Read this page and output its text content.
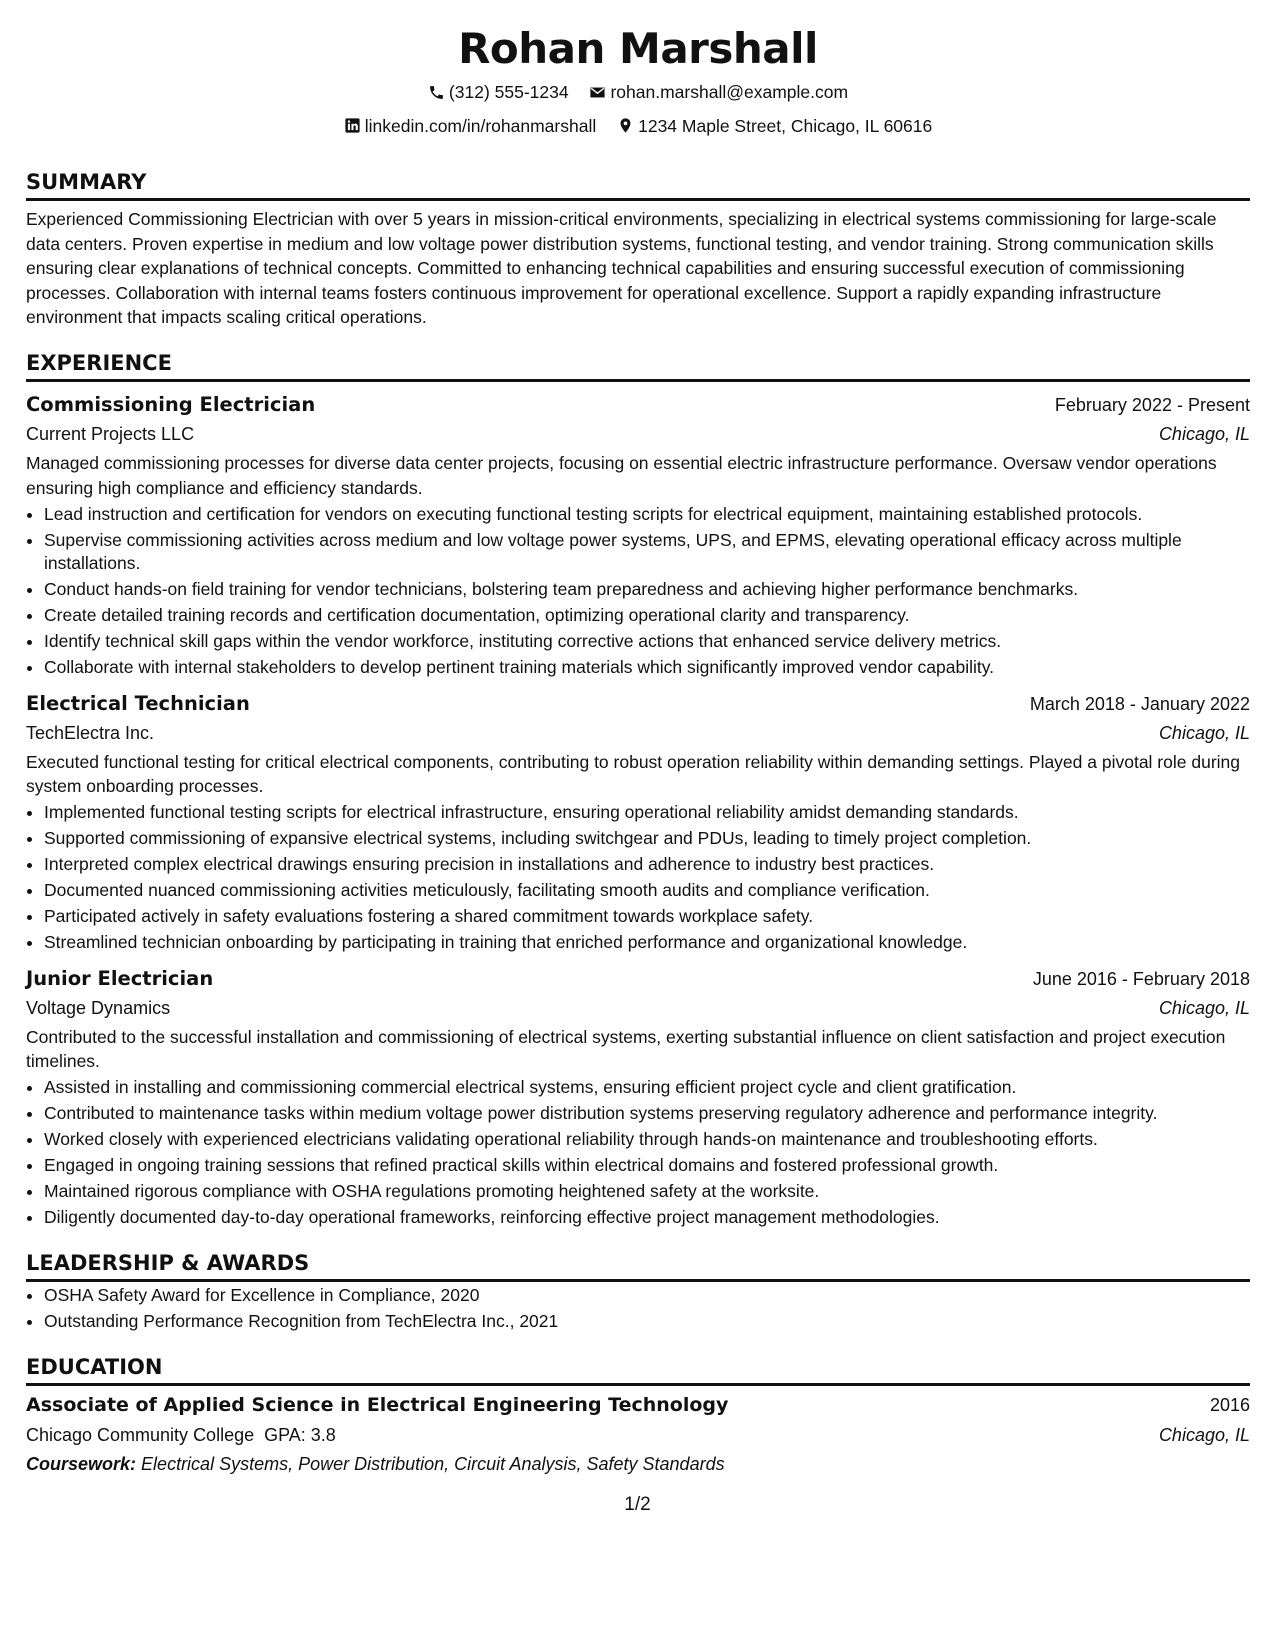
Rohan Marshall
(312) 555-1234
rohan.marshall@example.com
linkedin.com/in/rohanmarshall
1234 Maple Street, Chicago, IL 60616
SUMMARY

Experienced Commissioning Electrician with over 5 years in mission-critical environments, specializing in electrical systems commissioning for large-scale data centers. Proven expertise in medium and low voltage power distribution systems, functional testing, and vendor training. Strong communication skills ensuring clear explanations of technical concepts. Committed to enhancing technical capabilities and ensuring successful execution of commissioning processes. Collaboration with internal teams fosters continuous improvement for operational excellence. Support a rapidly expanding infrastructure environment that impacts scaling critical operations.

EXPERIENCE
Commissioning Electrician	February 2022 - Present
Current Projects LLC	Chicago, IL

Managed commissioning processes for diverse data center projects, focusing on essential electric infrastructure performance. Oversaw vendor operations ensuring high compliance and efficiency standards.

• Lead instruction and certification for vendors on executing functional testing scripts for electrical equipment, maintaining established protocols.
• Supervise commissioning activities across medium and low voltage power systems, UPS, and EPMS, elevating operational efficacy across multiple installations.
• Conduct hands-on field training for vendor technicians, bolstering team preparedness and achieving higher performance benchmarks.
• Create detailed training records and certification documentation, optimizing operational clarity and transparency.
• Identify technical skill gaps within the vendor workforce, instituting corrective actions that enhanced service delivery metrics.
• Collaborate with internal stakeholders to develop pertinent training materials which significantly improved vendor capability.
Electrical Technician	March 2018 - January 2022
TechElectra Inc.	Chicago, IL

Executed functional testing for critical electrical components, contributing to robust operation reliability within demanding settings. Played a pivotal role during system onboarding processes.

• Implemented functional testing scripts for electrical infrastructure, ensuring operational reliability amidst demanding standards.
• Supported commissioning of expansive electrical systems, including switchgear and PDUs, leading to timely project completion.
• Interpreted complex electrical drawings ensuring precision in installations and adherence to industry best practices.
• Documented nuanced commissioning activities meticulously, facilitating smooth audits and compliance verification.
• Participated actively in safety evaluations fostering a shared commitment towards workplace safety.
• Streamlined technician onboarding by participating in training that enriched performance and organizational knowledge.
Junior Electrician	June 2016 - February 2018
Voltage Dynamics	Chicago, IL

Contributed to the successful installation and commissioning of electrical systems, exerting substantial influence on client satisfaction and project execution timelines.

• Assisted in installing and commissioning commercial electrical systems, ensuring efficient project cycle and client gratification.
• Contributed to maintenance tasks within medium voltage power distribution systems preserving regulatory adherence and performance integrity.
• Worked closely with experienced electricians validating operational reliability through hands-on maintenance and troubleshooting efforts.
• Engaged in ongoing training sessions that refined practical skills within electrical domains and fostered professional growth.
• Maintained rigorous compliance with OSHA regulations promoting heightened safety at the worksite.
• Diligently documented day-to-day operational frameworks, reinforcing effective project management methodologies.
LEADERSHIP & AWARDS
• OSHA Safety Award for Excellence in Compliance, 2020
• Outstanding Performance Recognition from TechElectra Inc., 2021
EDUCATION
Associate of Applied Science in Electrical Engineering Technology	2016
Chicago Community College GPA: 3.8	Chicago, IL
Coursework: Electrical Systems, Power Distribution, Circuit Analysis, Safety Standards
1/2
